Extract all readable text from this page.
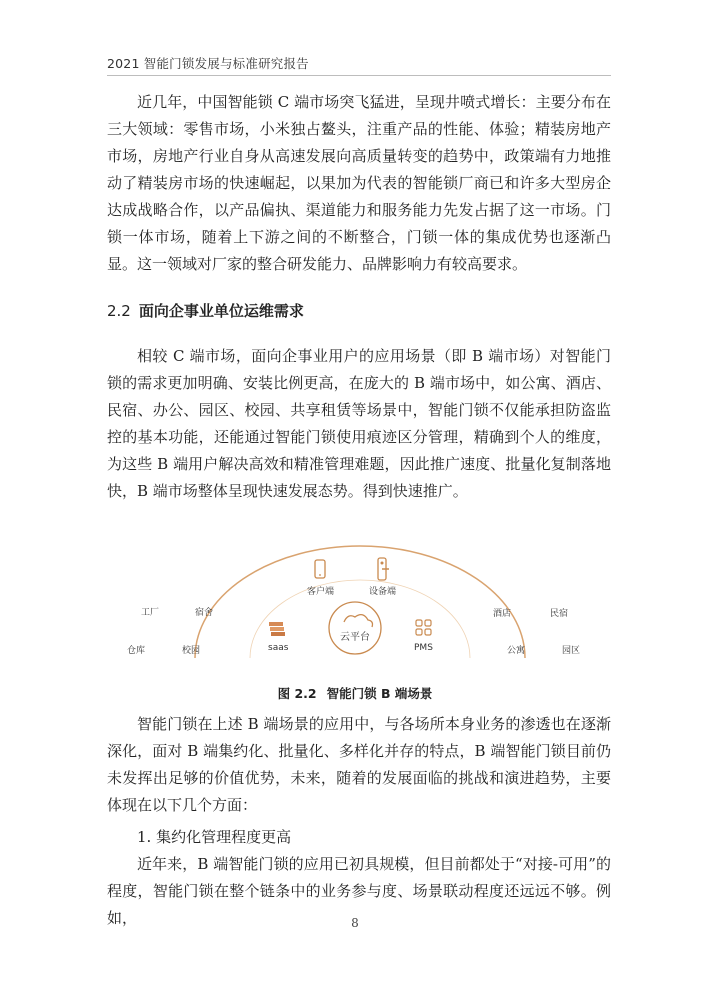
2021 智能门锁发展与标准研究报告

近几年，中国智能锁 C 端市场突飞猛进，呈现井喷式增长：主要分布在三大领域：零售市场，小米独占鳌头，注重产品的性能、体验；精装房地产市场，房地产行业自身从高速发展向高质量转变的趋势中，政策端有力地推动了精装房市场的快速崛起，以果加为代表的智能锁厂商已和许多大型房企达成战略合作，以产品偏执、渠道能力和服务能力先发占据了这一市场。门锁一体市场，随着上下游之间的不断整合，门锁一体的集成优势也逐渐凸显。这一领域对厂家的整合研发能力、品牌影响力有较高要求。

2.2 面向企事业单位运维需求

相较 C 端市场，面向企事业用户的应用场景（即 B 端市场）对智能门锁的需求更加明确、安装比例更高，在庞大的 B 端市场中，如公寓、酒店、民宿、办公、园区、校园、共享租赁等场景中，智能门锁不仅能承担防盗监控的基本功能，还能通过智能门锁使用痕迹区分管理，精确到个人的维度，为这些 B 端用户解决高效和精准管理难题，因此推广速度、批量化复制落地快，B 端市场整体呈现快速发展态势。得到快速推广。

客户端	设备端
saas
云平台
PMS
工厂	宿舍
仓库	校园
酒店	民宿
公寓	园区
图 2.2 智能门锁 B 端场景

智能门锁在上述 B 端场景的应用中，与各场所本身业务的渗透也在逐渐深化，面对 B 端集约化、批量化、多样化并存的特点，B 端智能门锁目前仍未发挥出足够的价值优势，未来，随着的发展面临的挑战和演进趋势，主要体现在以下几个方面：

1. 集约化管理程度更高

近年来，B 端智能门锁的应用已初具规模，但目前都处于“对接-可用”的程度，智能门锁在整个链条中的业务参与度、场景联动程度还远远不够。例如，	8
